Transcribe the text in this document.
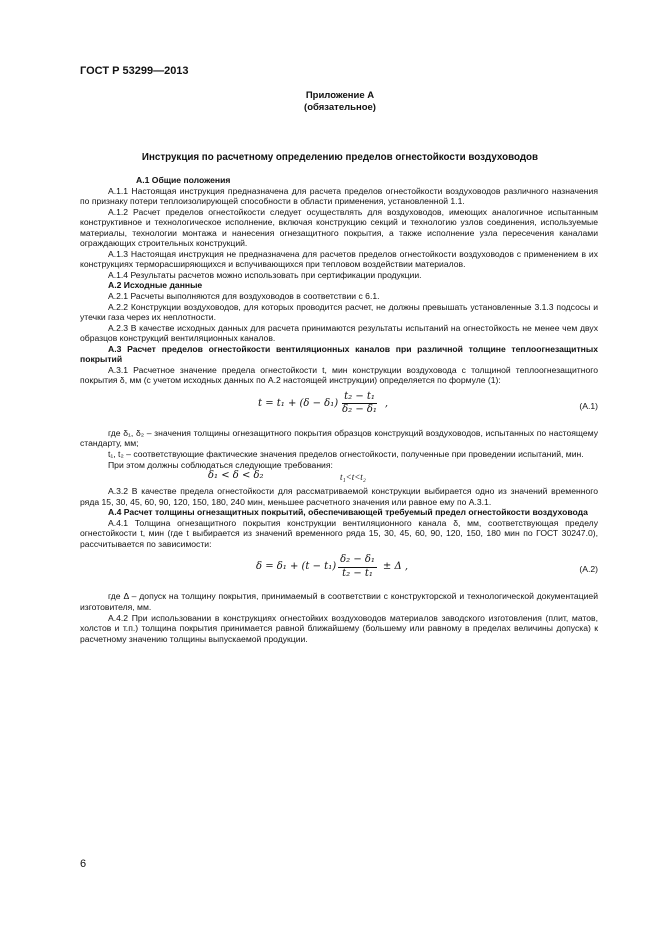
ГОСТ Р 53299—2013
Приложение А
(обязательное)
Инструкция по расчетному определению пределов огнестойкости воздуховодов

А.1 Общие положения

А.1.1 Настоящая инструкция предназначена для расчета пределов огнестойкости воздуховодов различного назначения по признаку потери теплоизолирующей способности в области применения, установленной 1.1.

А.1.2 Расчет пределов огнестойкости следует осуществлять для воздуховодов, имеющих аналогичное испытанным конструктивное и технологическое исполнение, включая конструкцию секций и технологию узлов соединения, используемые материалы, технологии монтажа и нанесения огнезащитного покрытия, а также исполнение узла пересечения каналами ограждающих строительных конструкций.

А.1.3 Настоящая инструкция не предназначена для расчетов пределов огнестойкости воздуховодов с применением в их конструкциях терморасширяющихся и вспучивающихся при тепловом воздействии материалов.

А.1.4 Результаты расчетов можно использовать при сертификации продукции.

А.2 Исходные данные

А.2.1 Расчеты выполняются для воздуховодов в соответствии с 6.1.

А.2.2 Конструкции воздуховодов, для которых проводится расчет, не должны превышать установленные 3.1.3 подсосы и утечки газа через их неплотности.

А.2.3 В качестве исходных данных для расчета принимаются результаты испытаний на огнестойкость не менее чем двух образцов конструкций вентиляционных каналов.

А.3 Расчет пределов огнестойкости вентиляционных каналов при различной толщине теплоогнезащитных покрытий

А.3.1 Расчетное значение предела огнестойкости t, мин конструкции воздуховода с толщиной теплоогнезащитного покрытия δ, мм (с учетом исходных данных по А.2 настоящей инструкции) определяется по формуле (1):

$t = t_1 + (\delta - \delta_1) \frac{\text{t₂ − t₁}}{\text{δ₂ − δ₁}}$ ,	(А.1)

где δ₁, δ₂ – значения толщины огнезащитного покрытия образцов конструкций воздуховодов, испытанных по настоящему стандарту, мм;

t₁, t₂ – соответствующие фактические значения пределов огнестойкости, полученные при проведении испытаний, мин.

При этом должны соблюдаться следующие требования:

δ₁ < δ < δ₂	t₁<t<t₂

А.3.2 В качестве предела огнестойкости для рассматриваемой конструкции выбирается одно из значений временного ряда 15, 30, 45, 60, 90, 120, 150, 180, 240 мин, меньшее расчетного значения или равное ему по А.3.1.

А.4 Расчет толщины огнезащитных покрытий, обеспечивающей требуемый предел огнестойкости воздуховода

А.4.1 Толщина огнезащитного покрытия конструкции вентиляционного канала δ, мм, соответствующая пределу огнестойкости t, мин (где t выбирается из значений временного ряда 15, 30, 45, 60, 90, 120, 150, 180 мин по ГОСТ 30247.0), рассчитывается по зависимости:

$\delta = \delta_1 + (t - t_1) \frac{\text{δ₂ − δ₁}}{\text{t₂ − t₁}} \pm \Delta$ ,	(А.2)

где Δ – допуск на толщину покрытия, принимаемый в соответствии с конструкторской и технологической документацией изготовителя, мм.

А.4.2 При использовании в конструкциях огнестойких воздуховодов материалов заводского изготовления (плит, матов, холстов и т.п.) толщина покрытия принимается равной ближайшему (большему или равному в пределах величины допуска) к расчетному значению толщины выпускаемой продукции.

6
